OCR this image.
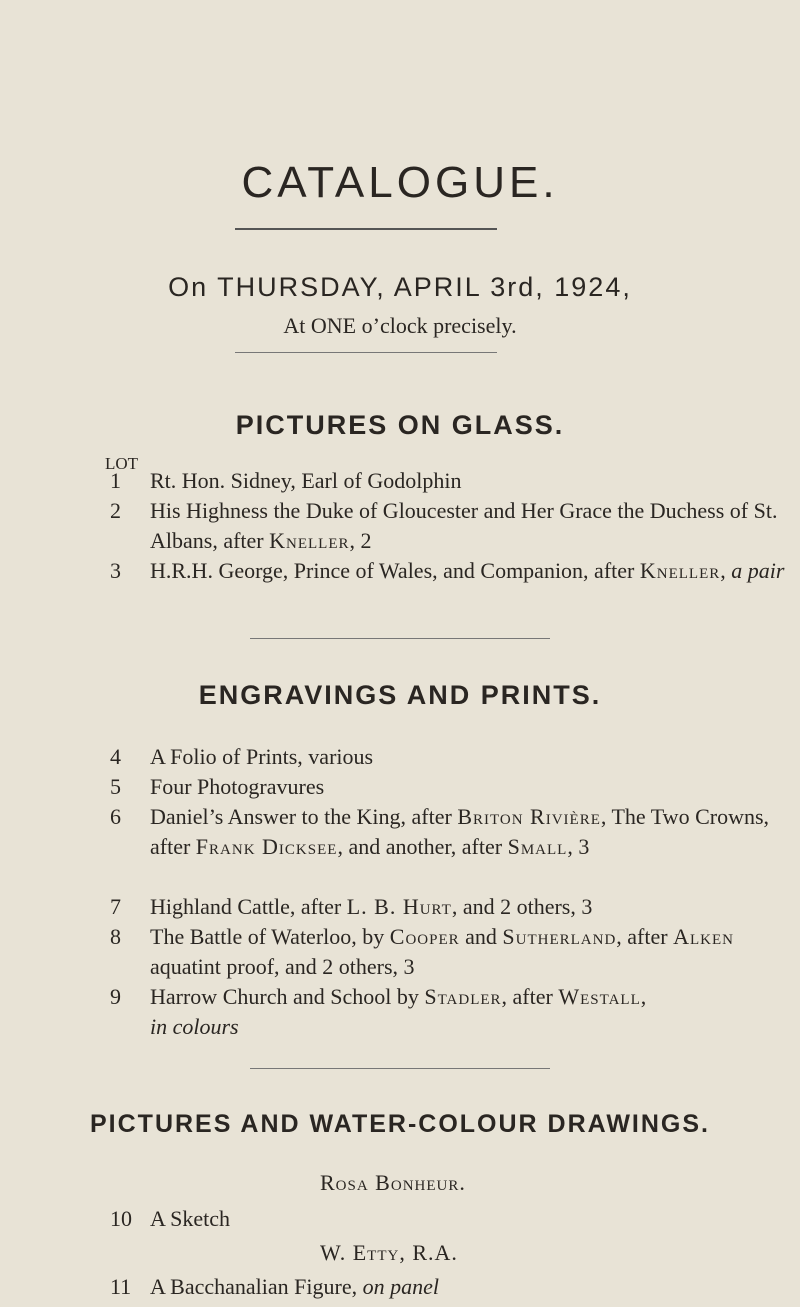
CATALOGUE.
On THURSDAY, APRIL 3rd, 1924,
At ONE o’clock precisely.
PICTURES ON GLASS.
LOT
1	Rt. Hon. Sidney, Earl of Godolphin
2	His Highness the Duke of Gloucester and Her Grace the Duchess of St. Albans, after Kneller, 2
3	H.R.H. George, Prince of Wales, and Companion, after Kneller, a pair
ENGRAVINGS AND PRINTS.
4	A Folio of Prints, various
5	Four Photogravures
6	Daniel’s Answer to the King, after Briton Rivière, The Two Crowns, after Frank Dicksee, and another, after Small, 3
7	Highland Cattle, after L. B. Hurt, and 2 others, 3
8	The Battle of Waterloo, by Cooper and Sutherland, after Alken aquatint proof, and 2 others, 3
9	Harrow Church and School by Stadler, after Westall,
in colours
PICTURES AND WATER-COLOUR DRAWINGS.
Rosa Bonheur.
10 A Sketch
W. Etty, R.A.
11 A Bacchanalian Figure, on panel
